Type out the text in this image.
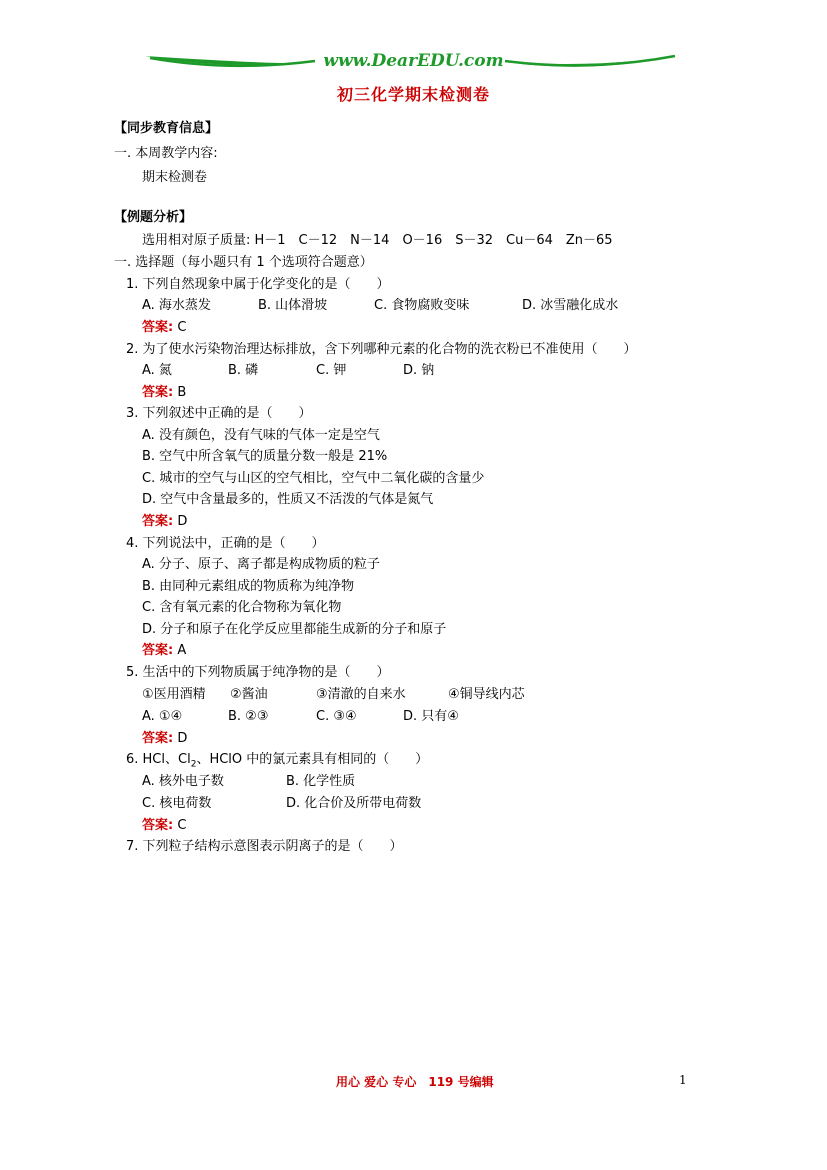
www.DearEDU.com
初三化学期末检测卷
【同步教育信息】
一. 本周教学内容:
期末检测卷
【例题分析】
选用相对原子质量: H－1　C－12　N－14　O－16　S－32　Cu－64　Zn－65
一. 选择题（每小题只有 1 个选项符合题意）
1. 下列自然现象中属于化学变化的是（　　）
A. 海水蒸发	B. 山体滑坡	C. 食物腐败变味	D. 冰雪融化成水
答案: C
2. 为了使水污染物治理达标排放，含下列哪种元素的化合物的洗衣粉已不准使用（　　）
A. 氮	B. 磷	C. 钾	D. 钠
答案: B
3. 下列叙述中正确的是（　　）
A. 没有颜色，没有气味的气体一定是空气
B. 空气中所含氧气的质量分数一般是 21%
C. 城市的空气与山区的空气相比，空气中二氧化碳的含量少
D. 空气中含量最多的，性质又不活泼的气体是氮气
答案: D
4. 下列说法中，正确的是（　　）
A. 分子、原子、离子都是构成物质的粒子
B. 由同种元素组成的物质称为纯净物
C. 含有氧元素的化合物称为氧化物
D. 分子和原子在化学反应里都能生成新的分子和原子
答案: A
5. 生活中的下列物质属于纯净物的是（　　）
①医用酒精 ②酱油	③清澈的自来水	④铜导线内芯
A. ①④	B. ②③	C. ③④	D. 只有④
答案: D
6. HCl、$Cl_2$、HClO 中的氯元素具有相同的（　　）
A. 核外电子数	B. 化学性质
C. 核电荷数	D. 化合价及所带电荷数
答案: C
7. 下列粒子结构示意图表示阴离子的是（　　）
用心 爱心 专心　119 号编辑	1
